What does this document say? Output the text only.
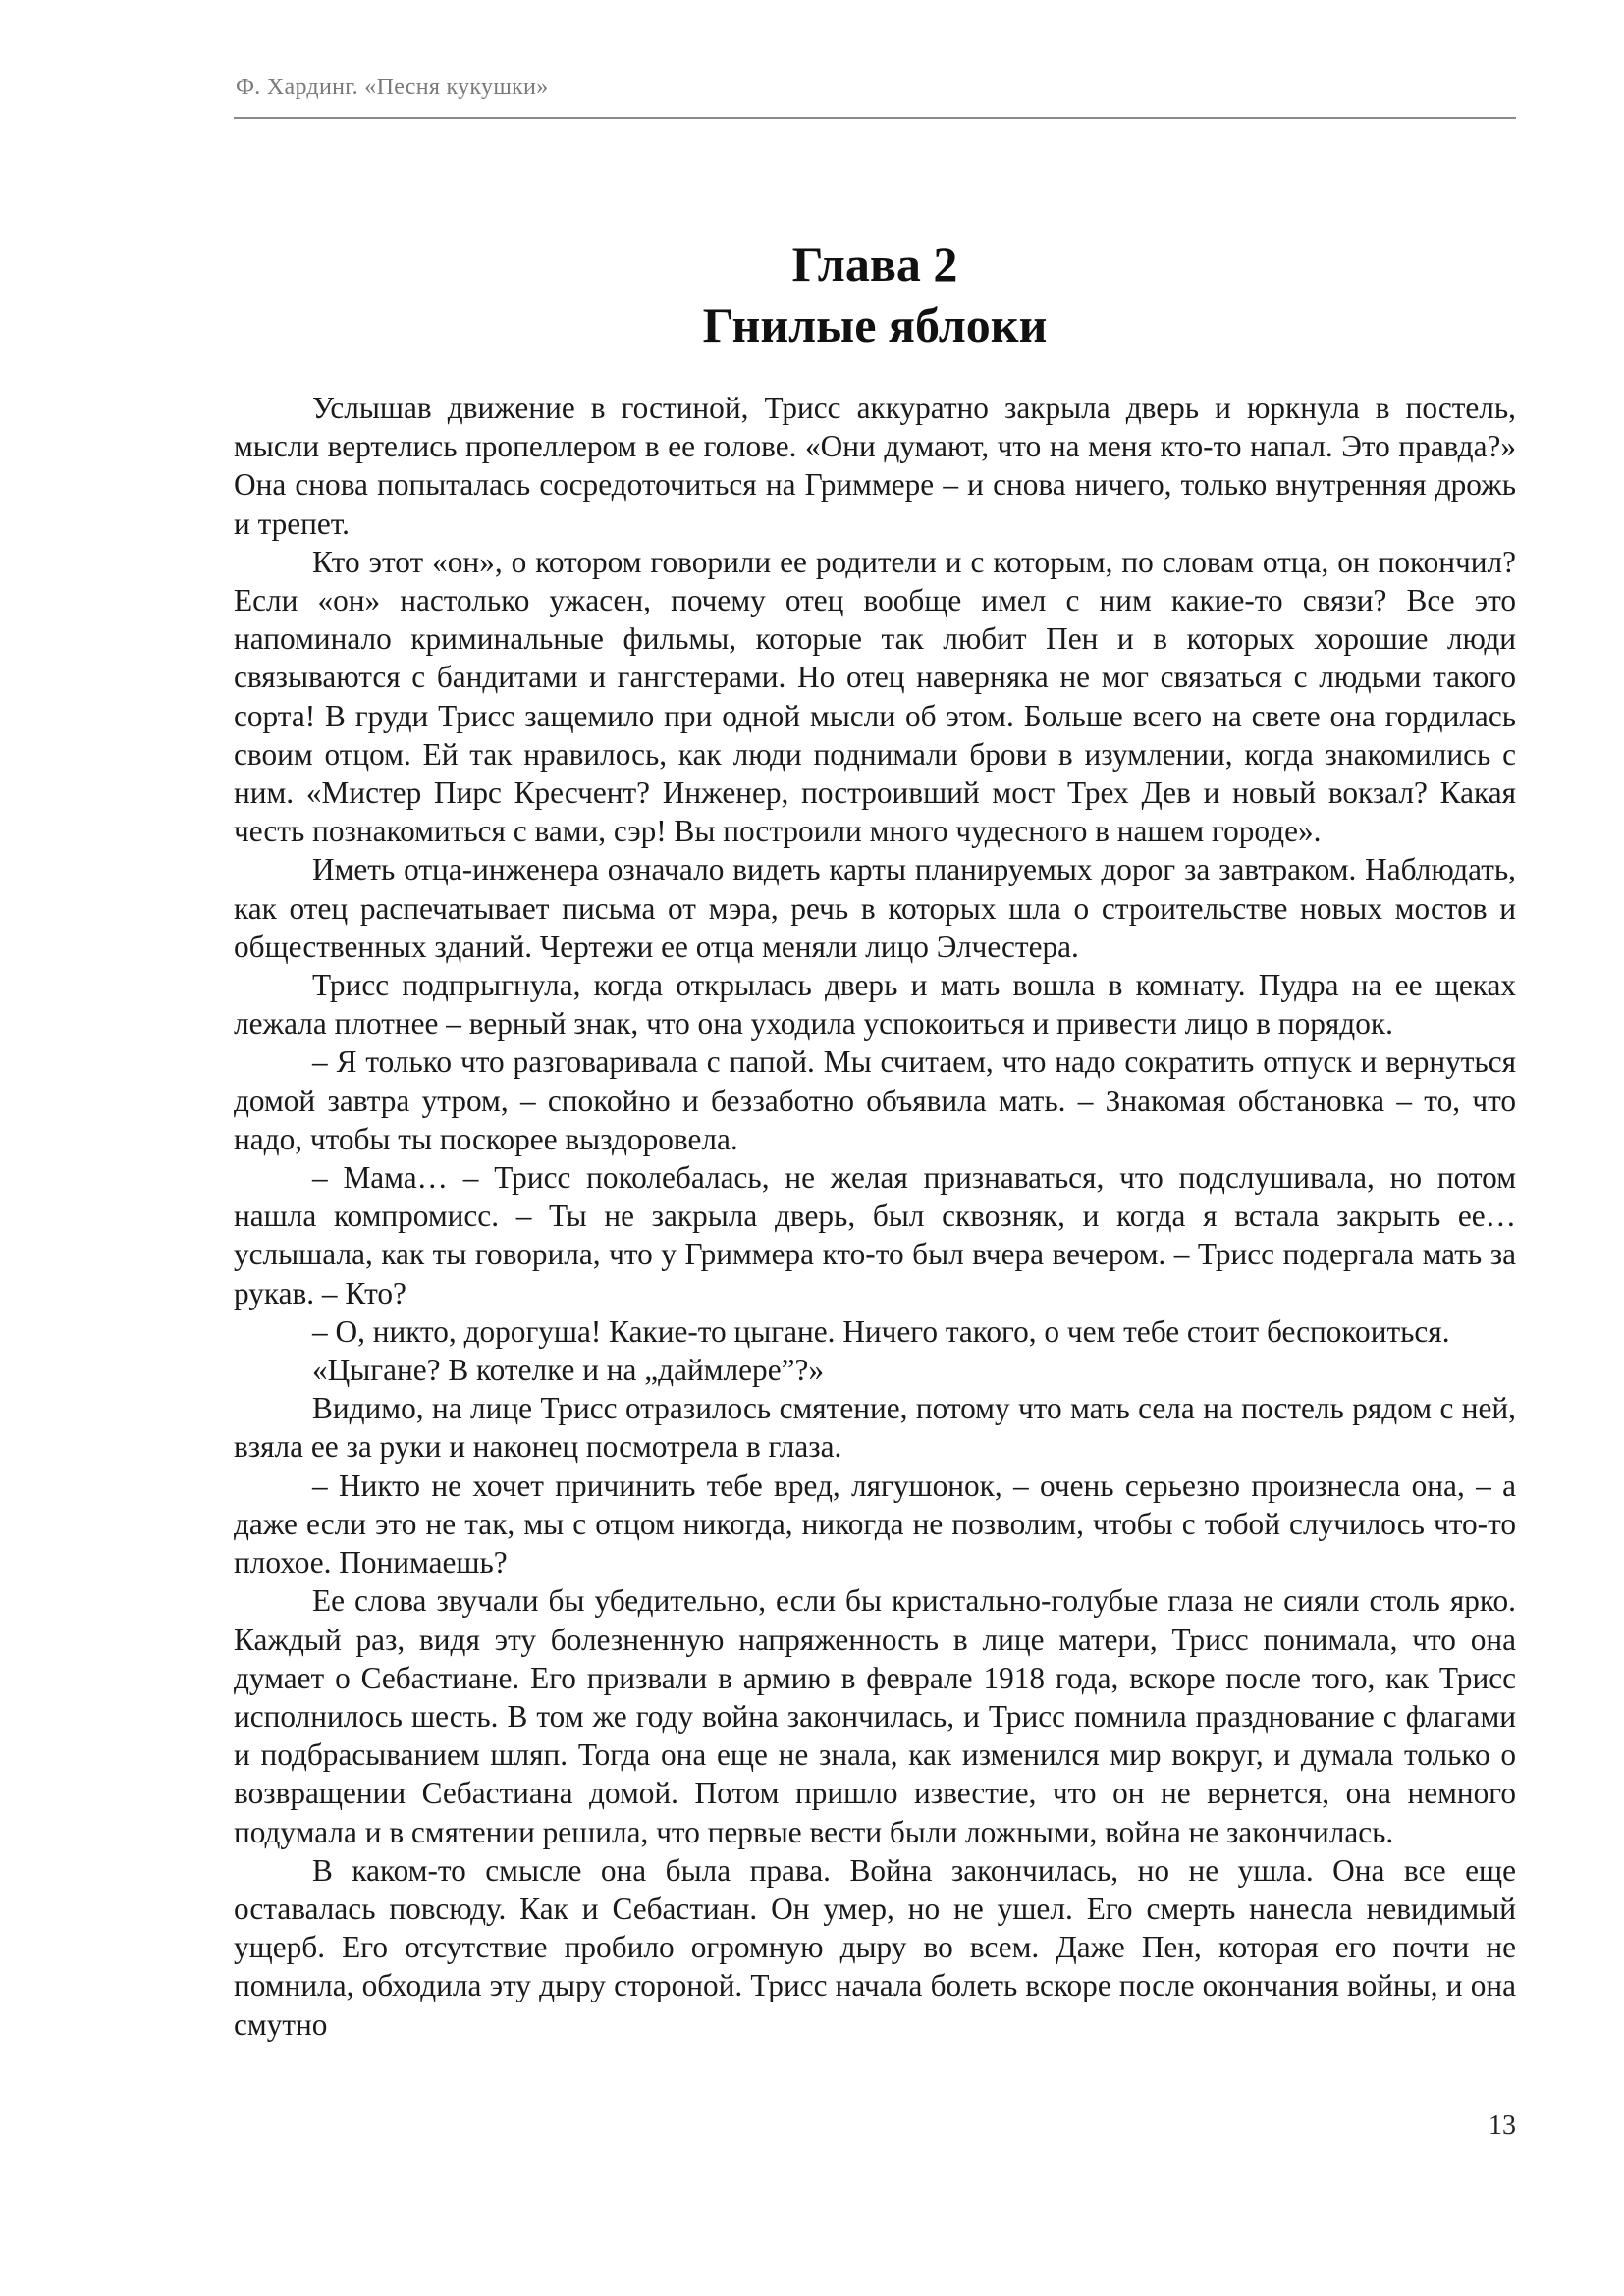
Ф. Хардинг. «Песня кукушки»
Глава 2
Гнилые яблоки

Услышав движение в гостиной, Трисс аккуратно закрыла дверь и юркнула в постель, мысли вертелись пропеллером в ее голове. «Они думают, что на меня кто-то напал. Это правда?» Она снова попыталась сосредоточиться на Гриммере – и снова ничего, только внутренняя дрожь и трепет.

Кто этот «он», о котором говорили ее родители и с которым, по словам отца, он покончил? Если «он» настолько ужасен, почему отец вообще имел с ним какие-то связи? Все это напоминало криминальные фильмы, которые так любит Пен и в которых хорошие люди связываются с бандитами и гангстерами. Но отец наверняка не мог связаться с людьми такого сорта! В груди Трисс защемило при одной мысли об этом. Больше всего на свете она гордилась своим отцом. Ей так нравилось, как люди поднимали брови в изумлении, когда знакомились с ним. «Мистер Пирс Кресчент? Инженер, построивший мост Трех Дев и новый вокзал? Какая честь познакомиться с вами, сэр! Вы построили много чудесного в нашем городе».

Иметь отца-инженера означало видеть карты планируемых дорог за завтраком. Наблюдать, как отец распечатывает письма от мэра, речь в которых шла о строительстве новых мостов и общественных зданий. Чертежи ее отца меняли лицо Элчестера.

Трисс подпрыгнула, когда открылась дверь и мать вошла в комнату. Пудра на ее щеках лежала плотнее – верный знак, что она уходила успокоиться и привести лицо в порядок.

– Я только что разговаривала с папой. Мы считаем, что надо сократить отпуск и вернуться домой завтра утром, – спокойно и беззаботно объявила мать. – Знакомая обстановка – то, что надо, чтобы ты поскорее выздоровела.

– Мама… – Трисс поколебалась, не желая признаваться, что подслушивала, но потом нашла компромисс. – Ты не закрыла дверь, был сквозняк, и когда я встала закрыть ее… услышала, как ты говорила, что у Гриммера кто-то был вчера вечером. – Трисс подергала мать за рукав. – Кто?

– О, никто, дорогуша! Какие-то цыгане. Ничего такого, о чем тебе стоит беспокоиться.

«Цыгане? В котелке и на „даймлере”?»

Видимо, на лице Трисс отразилось смятение, потому что мать села на постель рядом с ней, взяла ее за руки и наконец посмотрела в глаза.

– Никто не хочет причинить тебе вред, лягушонок, – очень серьезно произнесла она, – а даже если это не так, мы с отцом никогда, никогда не позволим, чтобы с тобой случилось что-то плохое. Понимаешь?

Ее слова звучали бы убедительно, если бы кристально-голубые глаза не сияли столь ярко. Каждый раз, видя эту болезненную напряженность в лице матери, Трисс понимала, что она думает о Себастиане. Его призвали в армию в феврале 1918 года, вскоре после того, как Трисс исполнилось шесть. В том же году война закончилась, и Трисс помнила празднование с флагами и подбрасыванием шляп. Тогда она еще не знала, как изменился мир вокруг, и думала только о возвращении Себастиана домой. Потом пришло известие, что он не вернется, она немного подумала и в смятении решила, что первые вести были ложными, война не закончилась.

В каком-то смысле она была права. Война закончилась, но не ушла. Она все еще оставалась повсюду. Как и Себастиан. Он умер, но не ушел. Его смерть нанесла невидимый ущерб. Его отсутствие пробило огромную дыру во всем. Даже Пен, которая его почти не помнила, обходила эту дыру стороной. Трисс начала болеть вскоре после окончания войны, и она смутно

13
